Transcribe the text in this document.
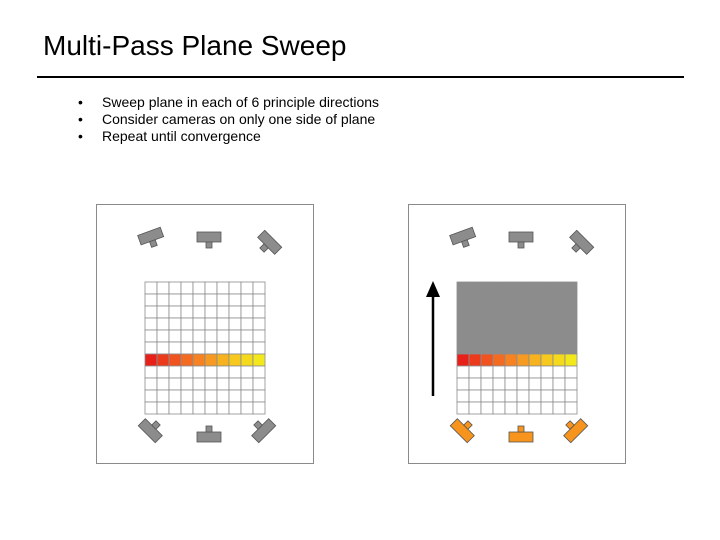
Multi-Pass Plane Sweep
• Sweep plane in each of 6 principle directions
• Consider cameras on only one side of plane
• Repeat until convergence
